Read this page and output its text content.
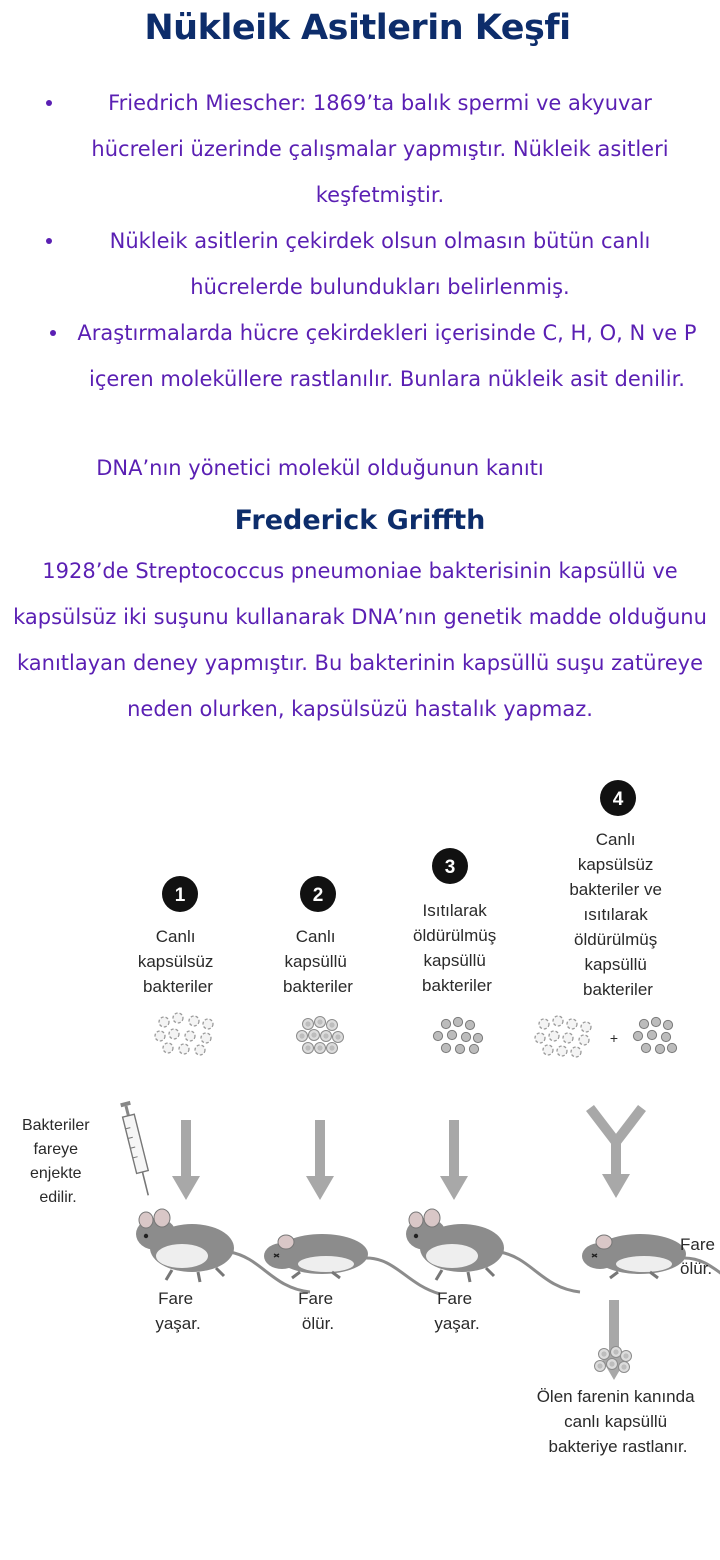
Nükleik Asitlerin Keşfi
Friedrich Miescher: 1869’ta balık spermi ve akyuvar hücreleri üzerinde çalışmalar yapmıştır. Nükleik asitleri keşfetmiştir.
Nükleik asitlerin çekirdek olsun olmasın bütün canlı hücrelerde bulundukları belirlenmiş.
Araştırmalarda hücre çekirdekleri içerisinde C, H, O, N ve P içeren moleküllere rastlanılır. Bunlara nükleik asit denilir.
DNA’nın yönetici molekül olduğunun kanıtı
Frederick Griffth
1928’de Streptococcus pneumoniae bakterisinin kapsüllü ve kapsülsüz iki suşunu kullanarak DNA’nın genetik madde olduğunu kanıtlayan deney yapmıştır. Bu bakterinin kapsüllü suşu zatüreye neden olurken, kapsülsüzü hastalık yapmaz.
1	2
3
4
Canlı kapsülsüz bakteriler
Canlı kapsüllü bakteriler
Isıtılarak öldürülmüş kapsüllü bakteriler
Canlı kapsülsüz bakteriler ve ısıtılarak öldürülmüş kapsüllü bakteriler
+
Bakteriler fareye enjekte edilir.
Fare yaşar.
Fare ölür.
Fare yaşar.
Fare ölür.
Ölen farenin kanında canlı kapsüllü bakteriye rastlanır.
